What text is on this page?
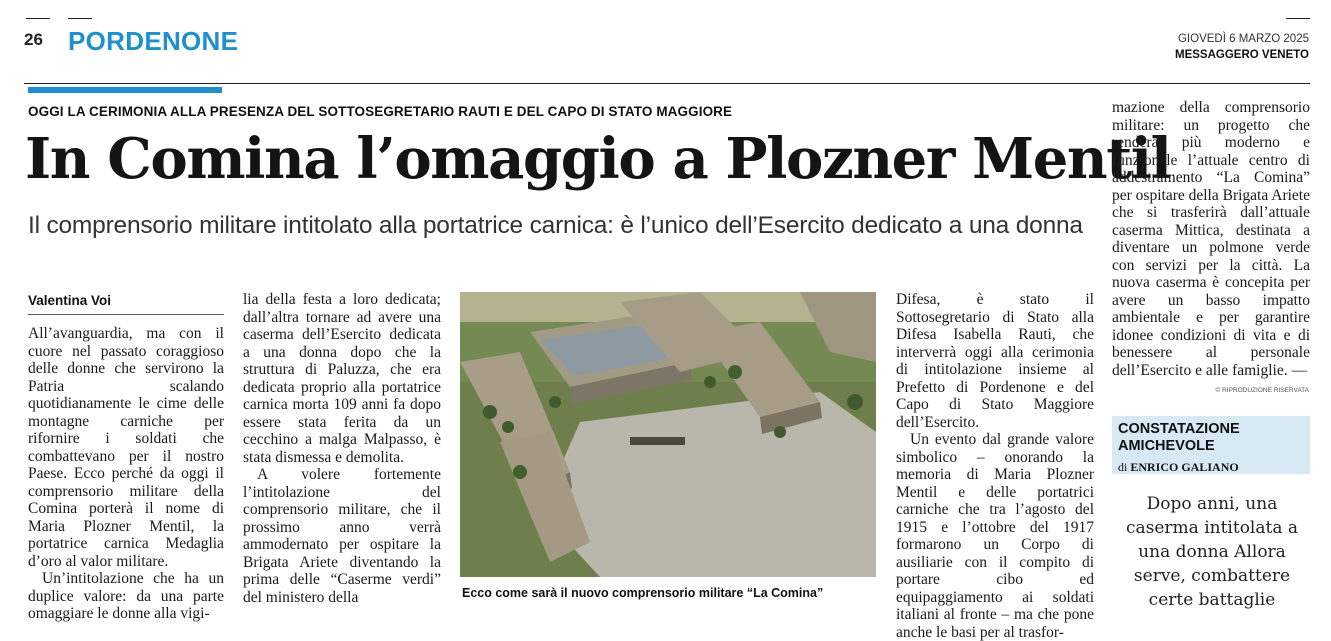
26 PORDENONE	GIOVEDÌ 6 MARZO 2025
MESSAGGERO VENETO
OGGI LA CERIMONIA ALLA PRESENZA DEL SOTTOSEGRETARIO RAUTI E DEL CAPO DI STATO MAGGIORE
In Comina l’omaggio a Plozner Mentil
Il comprensorio militare intitolato alla portatrice carnica: è l’unico dell’Esercito dedicato a una donna
Valentina Voi

All’avanguardia, ma con il cuore nel passato coraggioso delle donne che servirono la Patria scalando quotidianamente le cime delle montagne carniche per rifornire i soldati che combattevano per il nostro Paese. Ecco perché da oggi il comprensorio militare della Comina porterà il nome di Maria Plozner Mentil, la portatrice carnica Medaglia d’oro al valor militare.

Un’intitolazione che ha un duplice valore: da una parte omaggiare le donne alla vigi-

lia della festa a loro dedicata; dall’altra tornare ad avere una caserma dell’Esercito dedicata a una donna dopo che la struttura di Paluzza, che era dedicata proprio alla portatrice carnica morta 109 anni fa dopo essere stata ferita da un cecchino a malga Malpasso, è stata dismessa e demolita.

A volere fortemente l’intitolazione del comprensorio militare, che il prossimo anno verrà ammodernato per ospitare la Brigata Ariete diventando la prima delle “Caserme verdi” del ministero della	Ecco come sarà il nuovo comprensorio militare “La Comina”

Difesa, è stato il Sottosegretario di Stato alla Difesa Isabella Rauti, che interverrà oggi alla cerimonia di intitolazione insieme al Prefetto di Pordenone e del Capo di Stato Maggiore dell’Esercito.

Un evento dal grande valore simbolico – onorando la memoria di Maria Plozner Mentil e delle portatrici carniche che tra l’agosto del 1915 e l’ottobre del 1917 formarono un Corpo di ausiliarie con il compito di portare cibo ed equipaggiamento ai soldati italiani al fronte – ma che pone anche le basi per al trasfor-

mazione della comprensorio militare: un progetto che renderà più moderno e funzionale l’attuale centro di addestramento “La Comina” per ospitare della Brigata Ariete che si trasferirà dall’attuale caserma Mittica, destinata a diventare un polmone verde con servizi per la città. La nuova caserma è concepita per avere un basso impatto ambientale e per garantire idonee condizioni di vita e di benessere al personale dell’Esercito e alle famiglie. —

© RIPRODUZIONE RISERVATA
CONSTATAZIONE
AMICHEVOLE
di ENRICO GALIANO
Dopo anni, una caserma intitolata a una donna Allora serve, combattere certe battaglie
